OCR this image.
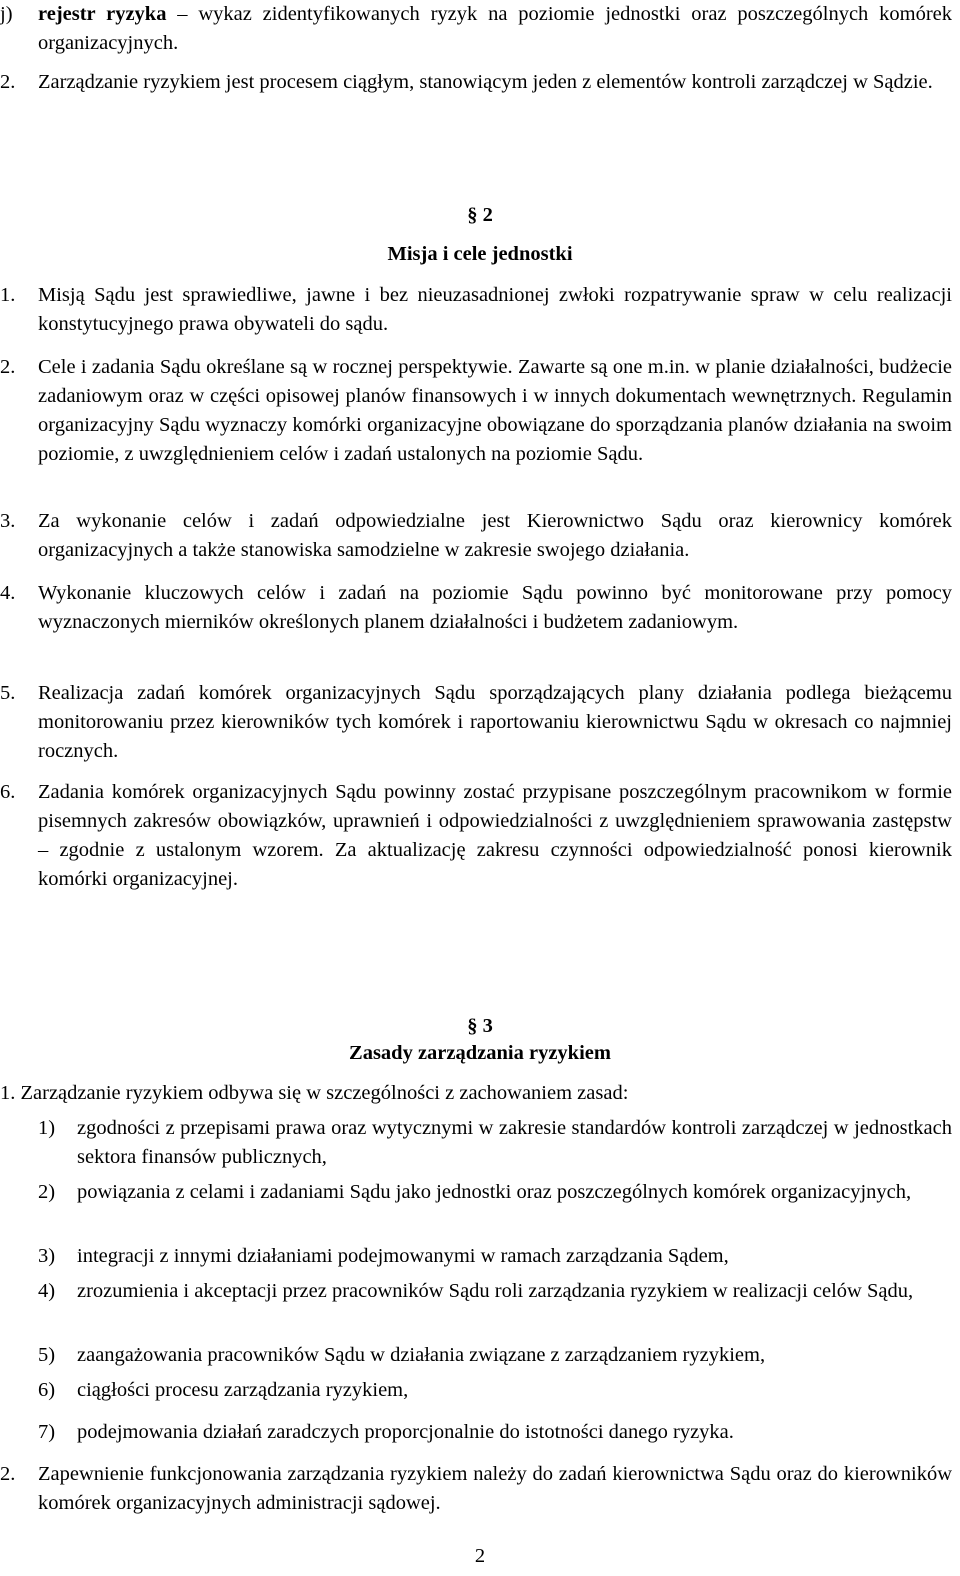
j)	rejestr ryzyka – wykaz zidentyfikowanych ryzyk na poziomie jednostki oraz poszczególnych komórek organizacyjnych.
2.	Zarządzanie ryzykiem jest procesem ciągłym, stanowiącym jeden z elementów kontroli zarządczej w Sądzie.
§ 2
Misja i cele jednostki
1.	Misją Sądu jest sprawiedliwe, jawne i bez nieuzasadnionej zwłoki rozpatrywanie spraw w celu realizacji konstytucyjnego prawa obywateli do sądu.
2.	Cele i zadania Sądu określane są w rocznej perspektywie. Zawarte są one m.in. w planie działalności, budżecie zadaniowym oraz w części opisowej planów finansowych i w innych dokumentach wewnętrznych. Regulamin organizacyjny Sądu wyznaczy komórki organizacyjne obowiązane do sporządzania planów działania na swoim poziomie, z uwzględnieniem celów i zadań ustalonych na poziomie Sądu.
3.	Za wykonanie celów i zadań odpowiedzialne jest Kierownictwo Sądu oraz kierownicy komórek organizacyjnych a także stanowiska samodzielne w zakresie swojego działania.
4.	Wykonanie kluczowych celów i zadań na poziomie Sądu powinno być monitorowane przy pomocy wyznaczonych mierników określonych planem działalności i budżetem zadaniowym.
5.	Realizacja zadań komórek organizacyjnych Sądu sporządzających plany działania podlega bieżącemu monitorowaniu przez kierowników tych komórek i raportowaniu kierownictwu Sądu w okresach co najmniej rocznych.
6.	Zadania komórek organizacyjnych Sądu powinny zostać przypisane poszczególnym pracownikom w formie pisemnych zakresów obowiązków, uprawnień i odpowiedzialności z uwzględnieniem sprawowania zastępstw – zgodnie z ustalonym wzorem. Za aktualizację zakresu czynności odpowiedzialność ponosi kierownik komórki organizacyjnej.
§ 3
Zasady zarządzania ryzykiem
1. Zarządzanie ryzykiem odbywa się w szczególności z zachowaniem zasad:
1)	zgodności z przepisami prawa oraz wytycznymi w zakresie standardów kontroli zarządczej w jednostkach sektora finansów publicznych,
2)	powiązania z celami i zadaniami Sądu jako jednostki oraz poszczególnych komórek organizacyjnych,
3)	integracji z innymi działaniami podejmowanymi w ramach zarządzania Sądem,
4)	zrozumienia i akceptacji przez pracowników Sądu roli zarządzania ryzykiem w realizacji celów Sądu,
5)	zaangażowania pracowników Sądu w działania związane z zarządzaniem ryzykiem,
6)	ciągłości procesu zarządzania ryzykiem,
7)	podejmowania działań zaradczych proporcjonalnie do istotności danego ryzyka.
2.	Zapewnienie funkcjonowania zarządzania ryzykiem należy do zadań kierownictwa Sądu oraz do kierowników komórek organizacyjnych administracji sądowej.
2
